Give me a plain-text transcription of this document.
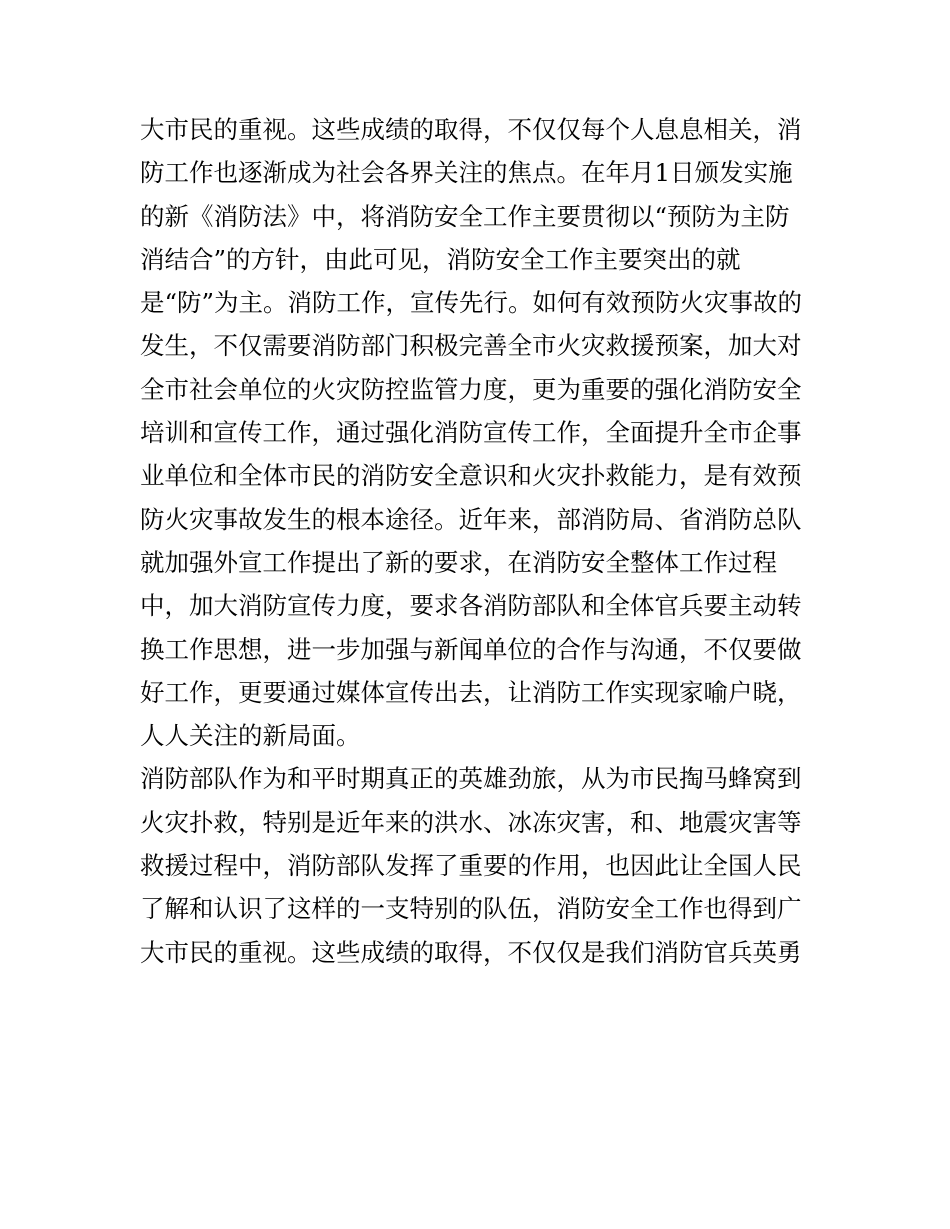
大市民的重视。这些成绩的取得，不仅仅每个人息息相关，消
防工作也逐渐成为社会各界关注的焦点。在年月1日颁发实施
的新《消防法》中，将消防安全工作主要贯彻以“预防为主防
消结合”的方针，由此可见，消防安全工作主要突出的就
是“防”为主。消防工作，宣传先行。如何有效预防火灾事故的
发生，不仅需要消防部门积极完善全市火灾救援预案，加大对
全市社会单位的火灾防控监管力度，更为重要的强化消防安全
培训和宣传工作，通过强化消防宣传工作，全面提升全市企事
业单位和全体市民的消防安全意识和火灾扑救能力，是有效预
防火灾事故发生的根本途径。近年来，部消防局、省消防总队
就加强外宣工作提出了新的要求，在消防安全整体工作过程
中，加大消防宣传力度，要求各消防部队和全体官兵要主动转
换工作思想，进一步加强与新闻单位的合作与沟通，不仅要做
好工作，更要通过媒体宣传出去，让消防工作实现家喻户晓，
人人关注的新局面。
消防部队作为和平时期真正的英雄劲旅，从为市民掏马蜂窝到
火灾扑救，特别是近年来的洪水、冰冻灾害，和、地震灾害等
救援过程中，消防部队发挥了重要的作用，也因此让全国人民
了解和认识了这样的一支特别的队伍，消防安全工作也得到广
大市民的重视。这些成绩的取得，不仅仅是我们消防官兵英勇
